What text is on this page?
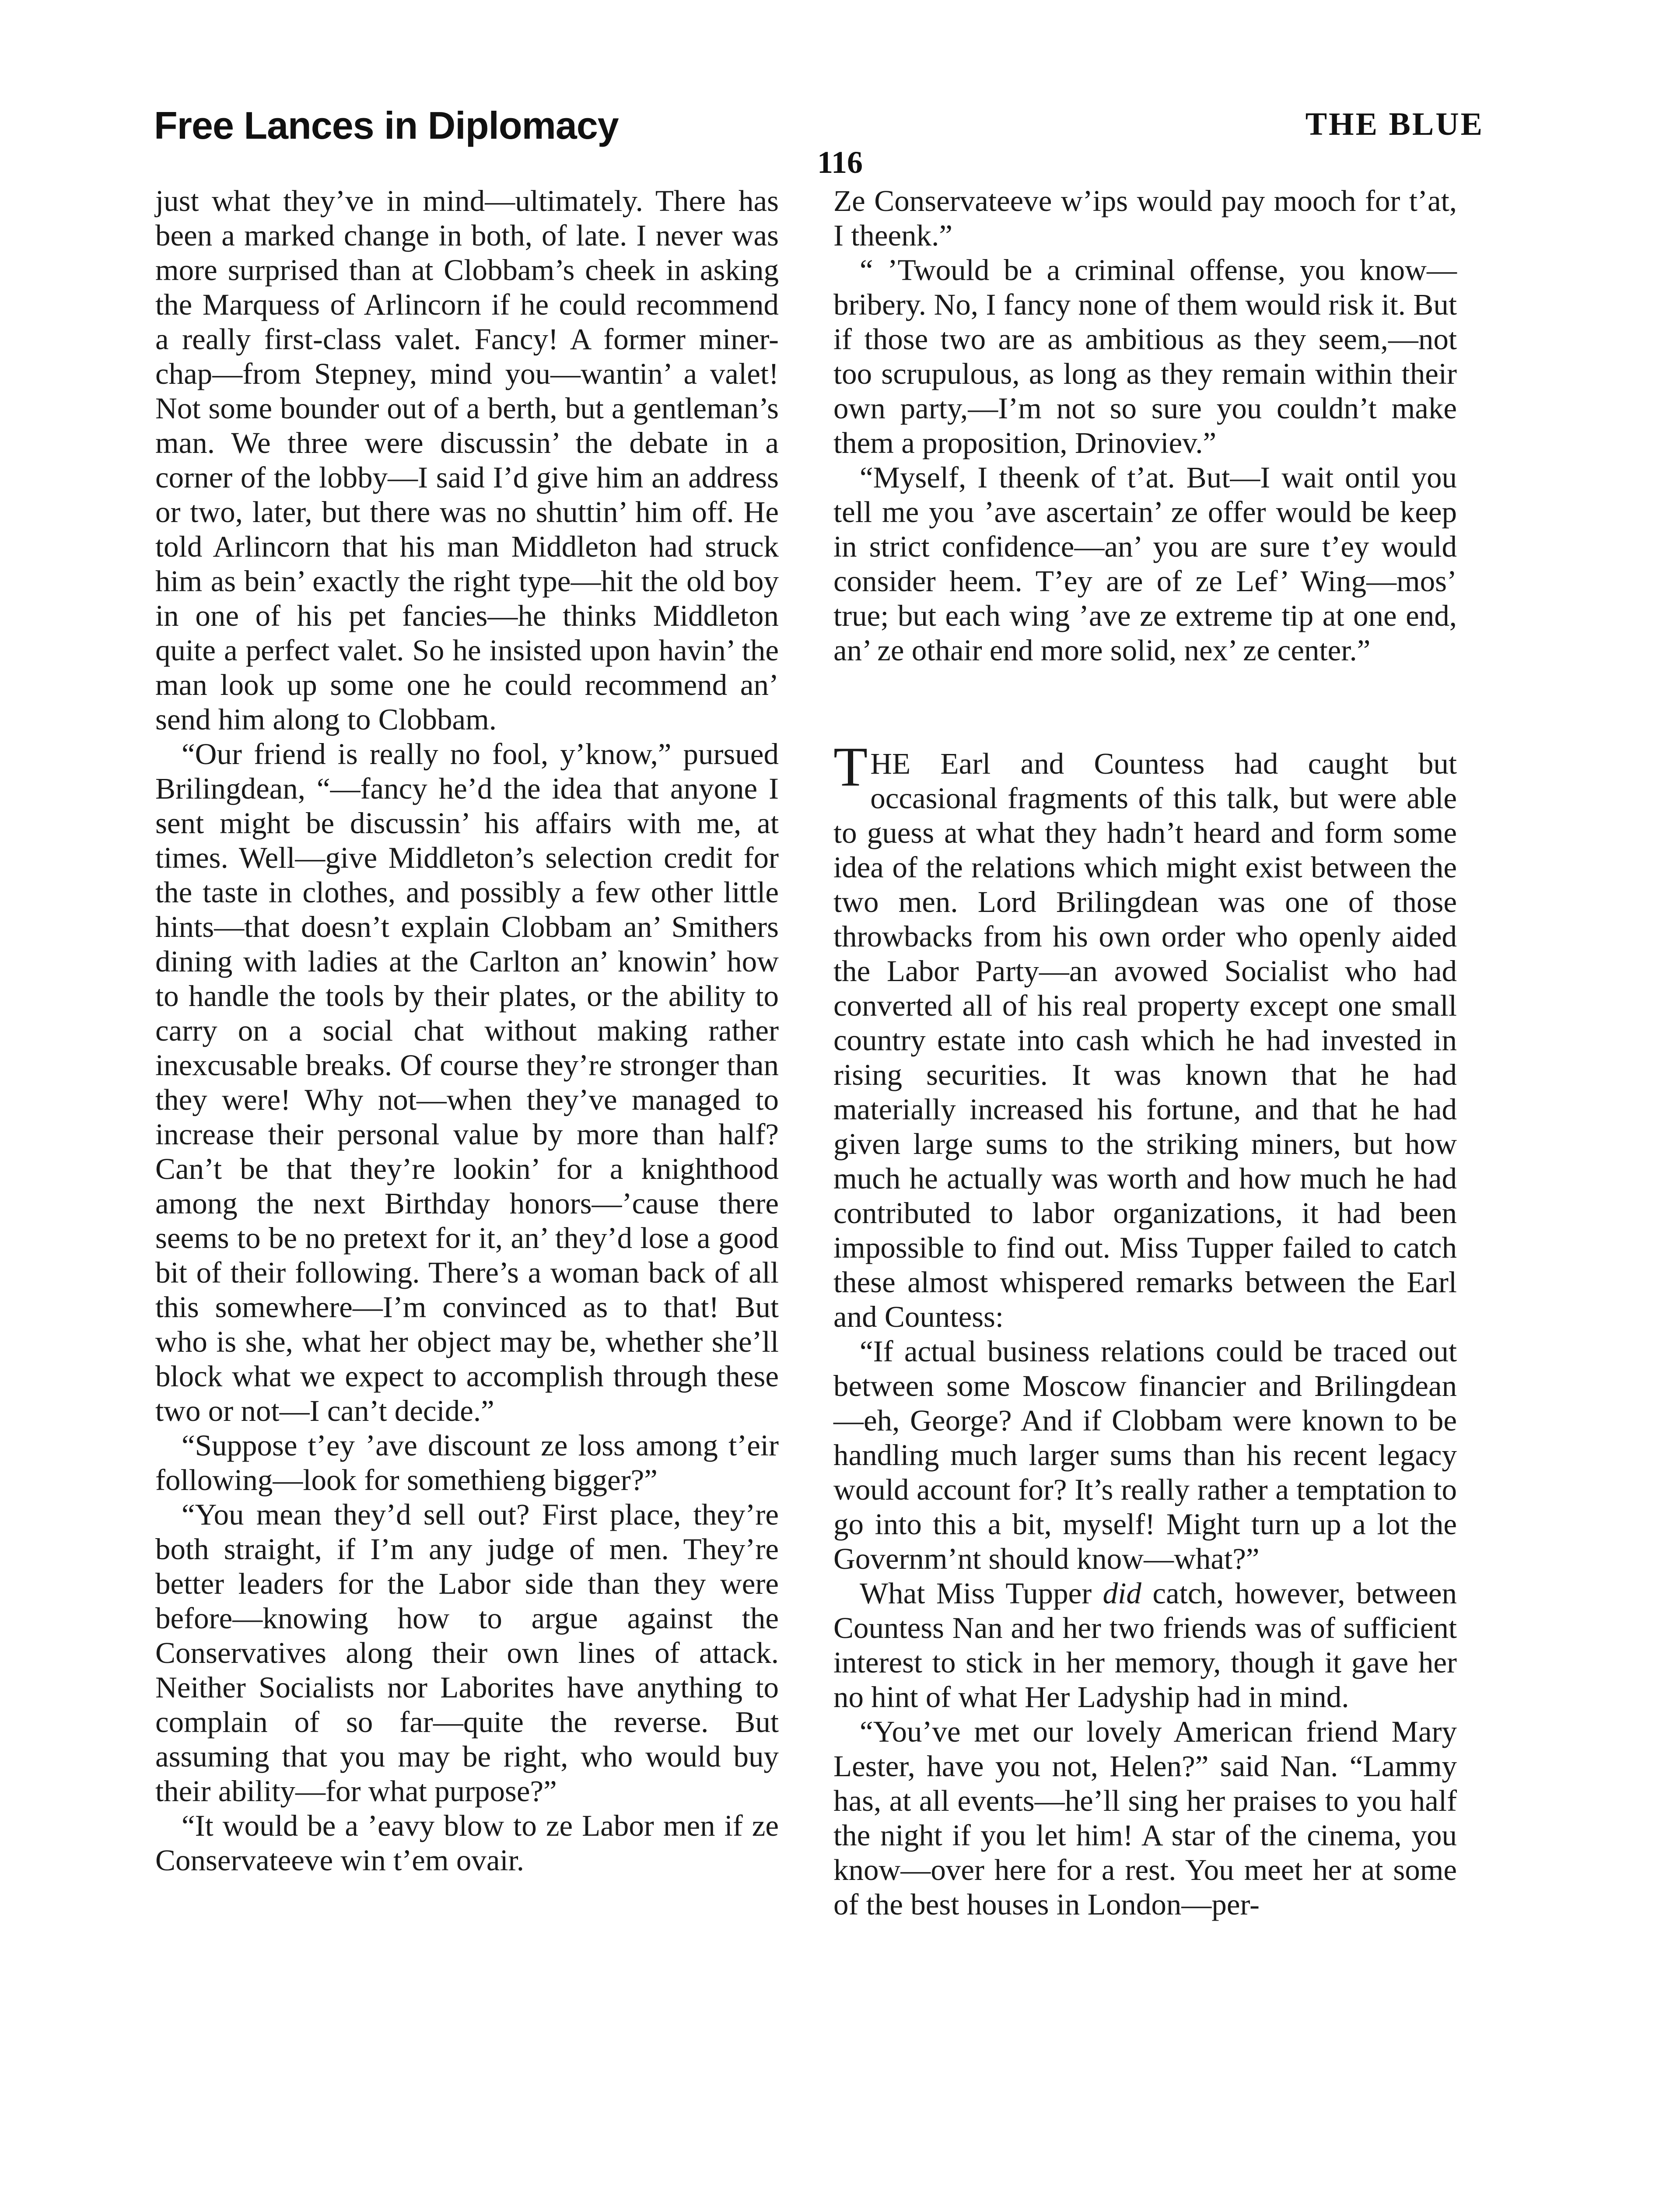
Free Lances in Diplomacy	THE BLUE
116

just what they’ve in mind—ultimately. There has been a marked change in both, of late. I never was more surprised than at Clobbam’s cheek in asking the Marquess of Arlincorn if he could recommend a really first-class valet. Fancy! A former miner-chap—from Stepney, mind you—wantin’ a valet! Not some bounder out of a berth, but a gentleman’s man. We three were discussin’ the debate in a corner of the lobby—I said I’d give him an address or two, later, but there was no shuttin’ him off. He told Arlincorn that his man Middleton had struck him as bein’ exactly the right type—hit the old boy in one of his pet fancies—he thinks Middleton quite a perfect valet. So he insisted upon havin’ the man look up some one he could recommend an’ send him along to Clobbam.

“Our friend is really no fool, y’know,” pursued Brilingdean, “—fancy he’d the idea that anyone I sent might be discussin’ his affairs with me, at times. Well—give Middleton’s selection credit for the taste in clothes, and possibly a few other little hints—that doesn’t explain Clobbam an’ Smithers dining with ladies at the Carlton an’ knowin’ how to handle the tools by their plates, or the ability to carry on a social chat without making rather inexcusable breaks. Of course they’re stronger than they were! Why not—when they’ve managed to increase their personal value by more than half? Can’t be that they’re lookin’ for a knighthood among the next Birthday honors—’cause there seems to be no pretext for it, an’ they’d lose a good bit of their following. There’s a woman back of all this somewhere—I’m convinced as to that! But who is she, what her object may be, whether she’ll block what we expect to accomplish through these two or not—I can’t decide.”

“Suppose t’ey ’ave discount ze loss among t’eir following—look for somethieng bigger?”

“You mean they’d sell out? First place, they’re both straight, if I’m any judge of men. They’re better leaders for the Labor side than they were before—knowing how to argue against the Conservatives along their own lines of attack. Neither Socialists nor Laborites have anything to complain of so far—quite the reverse. But assuming that you may be right, who would buy their ability—for what purpose?”

“It would be a ’eavy blow to ze Labor men if ze Conservateeve win t’em ovair.

Ze Conservateeve w’ips would pay mooch for t’at, I theenk.”

“ ’Twould be a criminal offense, you know—bribery. No, I fancy none of them would risk it. But if those two are as ambitious as they seem,—not too scrupulous, as long as they remain within their own party,—I’m not so sure you couldn’t make them a proposition, Drinoviev.”

“Myself, I theenk of t’at. But—I wait ontil you tell me you ’ave ascertain’ ze offer would be keep in strict confidence—an’ you are sure t’ey would consider heem. T’ey are of ze Lef’ Wing—mos’ true; but each wing ’ave ze extreme tip at one end, an’ ze othair end more solid, nex’ ze center.”

THE Earl and Countess had caught but occasional fragments of this talk, but were able to guess at what they hadn’t heard and form some idea of the relations which might exist between the two men. Lord Brilingdean was one of those throwbacks from his own order who openly aided the Labor Party—an avowed Socialist who had converted all of his real property except one small country estate into cash which he had invested in rising securities. It was known that he had materially increased his fortune, and that he had given large sums to the striking miners, but how much he actually was worth and how much he had contributed to labor organizations, it had been impossible to find out. Miss Tupper failed to catch these almost whispered remarks between the Earl and Countess:

“If actual business relations could be traced out between some Moscow financier and Brilingdean—eh, George? And if Clobbam were known to be handling much larger sums than his recent legacy would account for? It’s really rather a temptation to go into this a bit, myself! Might turn up a lot the Governm’nt should know—what?”

What Miss Tupper did catch, however, between Countess Nan and her two friends was of sufficient interest to stick in her memory, though it gave her no hint of what Her Ladyship had in mind.

“You’ve met our lovely American friend Mary Lester, have you not, Helen?” said Nan. “Lammy has, at all events—he’ll sing her praises to you half the night if you let him! A star of the cinema, you know—over here for a rest. You meet her at some of the best houses in London—per-
